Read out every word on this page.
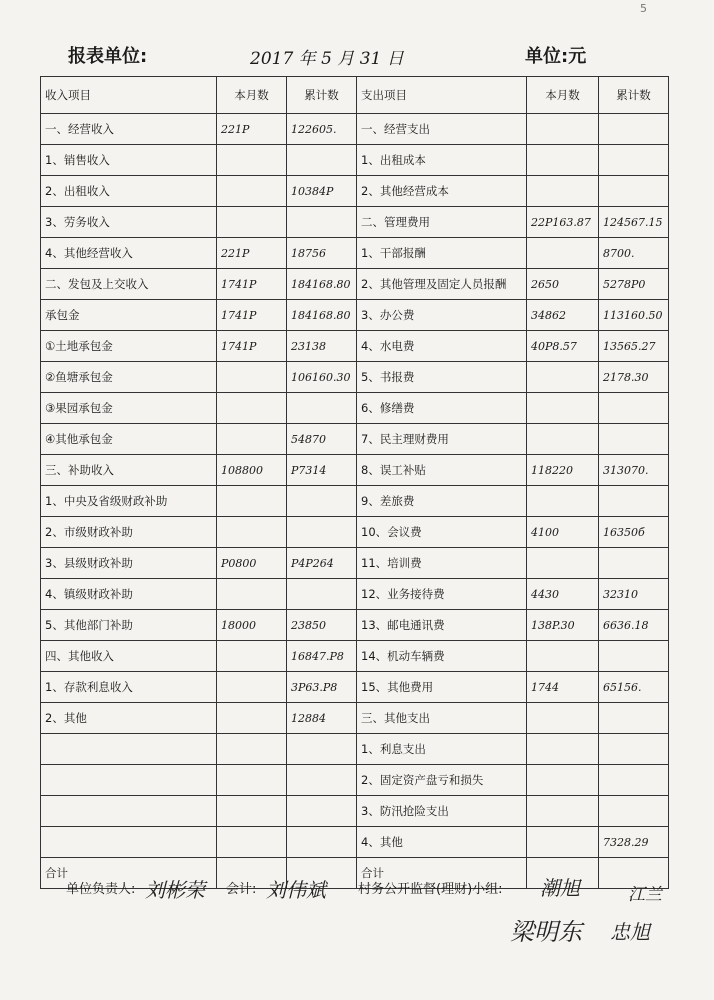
5
报表单位:	2017 年 5 月 31 日	单位:元
收入项目	本月数	累计数	支出项目	本月数	累计数
一、经营收入	221P	122605.	一、经营支出		
1、销售收入			1、出租成本		
2、出租收入		10384P	2、其他经营成本		
3、劳务收入			二、管理费用	22P163.87	124567.15
4、其他经营收入	221P	18756	1、干部报酬		8700.
二、发包及上交收入	1741P	184168.80	2、其他管理及固定人员报酬	2650	5278P0
承包金	1741P	184168.80	3、办公费	34862	113160.50
①土地承包金	1741P	23138	4、水电费	40P8.57	13565.27
②鱼塘承包金		106160.30	5、书报费		2178.30
③果园承包金			6、修缮费		
④其他承包金		54870	7、民主理财费用		
三、补助收入	108800	P7314	8、误工补贴	118220	313070.
1、中央及省级财政补助			9、差旅费		
2、市级财政补助			10、会议费	4100	16350б
3、县级财政补助	P0800	P4P264	11、培训费		
4、镇级财政补助			12、业务接待费	4430	32310
5、其他部门补助	18000	23850	13、邮电通讯费	138P.30	6636.18
四、其他收入		16847.P8	14、机动车辆费		
1、存款利息收入		3P63.P8	15、其他费用	1744	65156.
2、其他		12884	三、其他支出		
			1、利息支出		
			2、固定资产盘亏和损失		
			3、防汛抢险支出		
			4、其他		7328.29
合计			合计		
单位负责人: 刘彬荣 会计: 刘伟斌 村务公开监督(理财)小组: 潮旭	江兰
梁明东 忠旭
